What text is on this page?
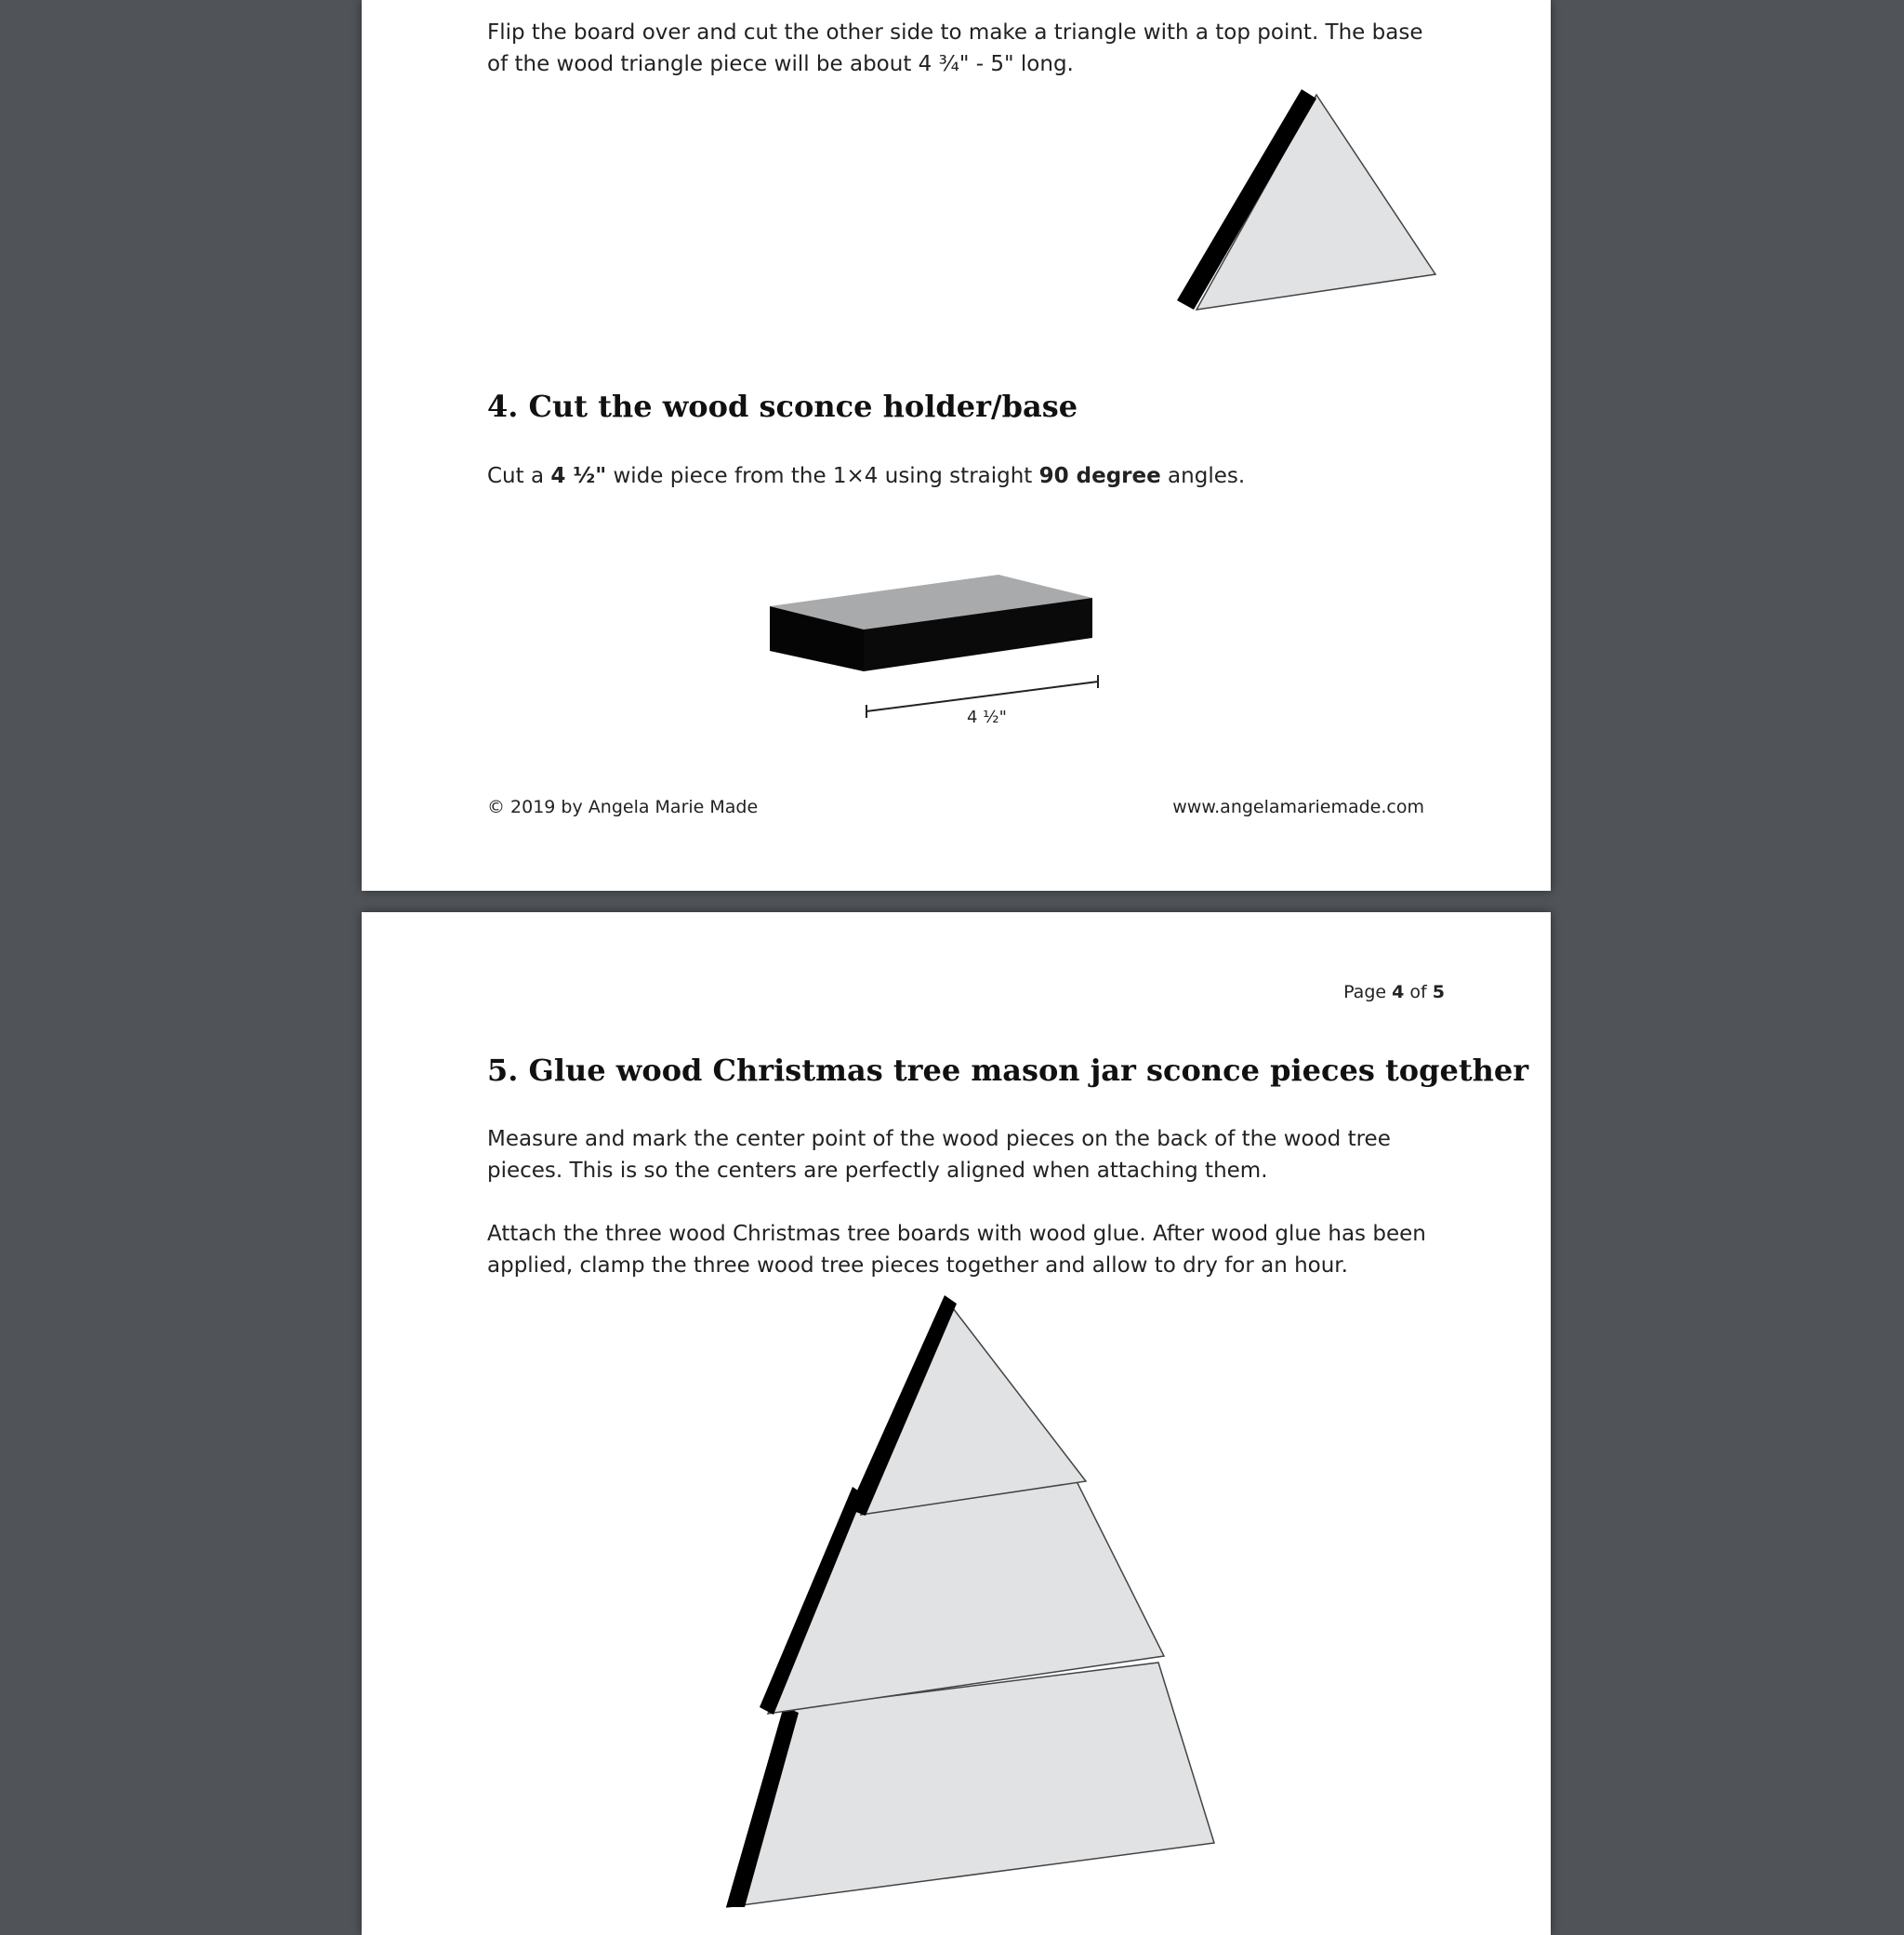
Flip the board over and cut the other side to make a triangle with a top point. The base of the wood triangle piece will be about 4 ¾" - 5" long.

4. Cut the wood sconce holder/base

Cut a 4 ½" wide piece from the 1×4 using straight 90 degree angles.

4 ½"

© 2019 by Angela Marie Made	www.angelamariemade.com

Page 4 of 5
5. Glue wood Christmas tree mason jar sconce pieces together

Measure and mark the center point of the wood pieces on the back of the wood tree pieces. This is so the centers are perfectly aligned when attaching them.

Attach the three wood Christmas tree boards with wood glue. After wood glue has been applied, clamp the three wood tree pieces together and allow to dry for an hour.
